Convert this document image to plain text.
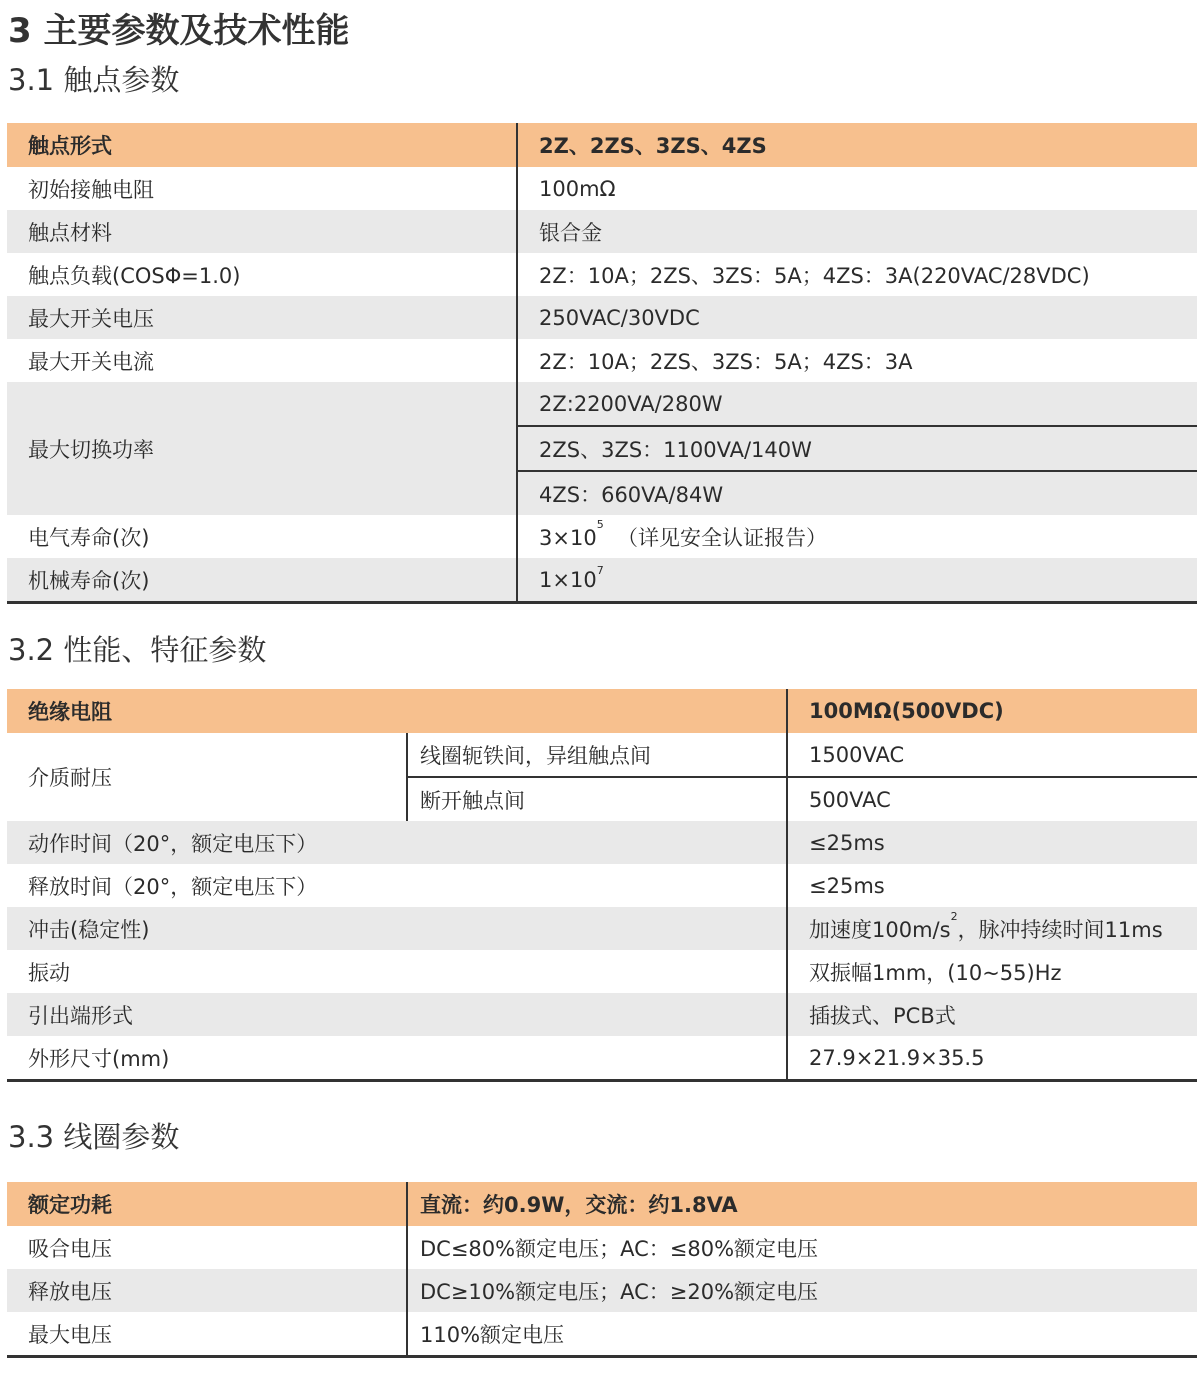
3 主要参数及技术性能
3.1 触点参数
触点形式	2Z、2ZS、3ZS、4ZS
初始接触电阻	100mΩ
触点材料	银合金
触点负载(COSΦ=1.0)	2Z：10A；2ZS、3ZS：5A；4ZS：3A(220VAC/28VDC)
最大开关电压	250VAC/30VDC
最大开关电流	2Z：10A；2ZS、3ZS：5A；4ZS：3A
最大切换功率	2Z:2200VA/280W
	2ZS、3ZS：1100VA/140W
	4ZS：660VA/84W
电气寿命(次)	$3\times 10^5$  （详见安全认证报告）
机械寿命(次)	$1\times 10^7$
3.2 性能、特征参数
绝缘电阻		100MΩ(500VDC)
介质耐压	线圈轭铁间，异组触点间	1500VAC
	断开触点间	500VAC
动作时间（20°，额定电压下）		≤25ms
释放时间（20°，额定电压下）		≤25ms
冲击(稳定性)		加速度$100m/s^2$，脉冲持续时间11ms
振动		双振幅1mm，(10~55)Hz
引出端形式		插拔式、PCB式
外形尺寸(mm)		27.9×21.9×35.5
3.3 线圈参数
额定功耗	直流：约0.9W，交流：约1.8VA
吸合电压	DC≤80%额定电压；AC：≤80%额定电压
释放电压	DC≥10%额定电压；AC：≥20%额定电压
最大电压	110%额定电压
